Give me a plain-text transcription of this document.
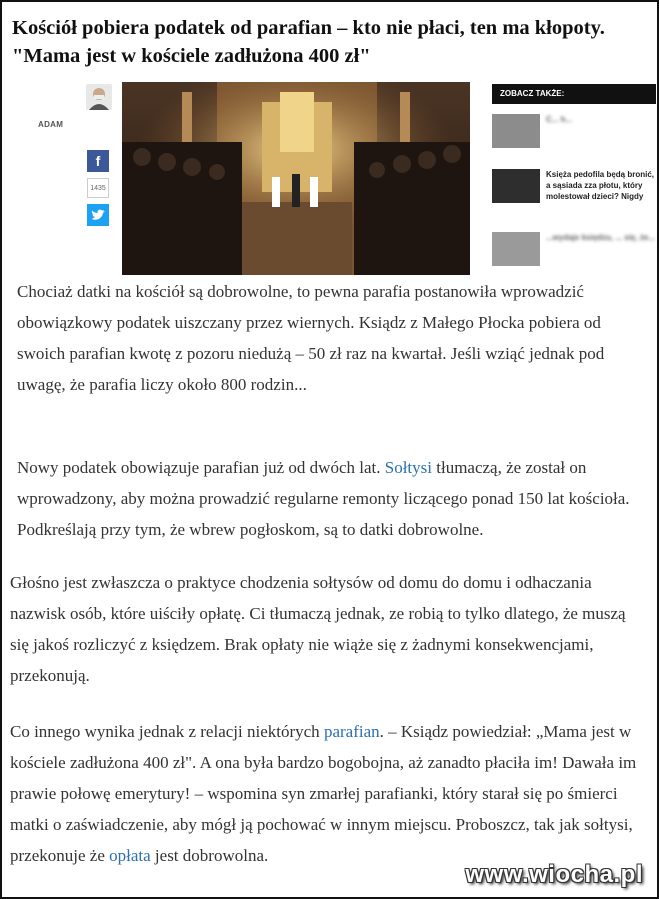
Kościół pobiera podatek od parafian – kto nie płaci, ten ma kłopoty. "Mama jest w kościele zadłużona 400 zł"
ADAM
f
1435
ZOBACZ TAKŻE:
C... h...
Księża pedofila będą bronić, a sąsiada zza płotu, który molestował dzieci? Nigdy
...wydaje księdzu, ... się, że...

Chociaż datki na kościół są dobrowolne, to pewna parafia postanowiła wprowadzić obowiązkowy podatek uiszczany przez wiernych. Ksiądz z Małego Płocka pobiera od swoich parafian kwotę z pozoru niedużą – 50 zł raz na kwartał. Jeśli wziąć jednak pod uwagę, że parafia liczy około 800 rodzin...

Nowy podatek obowiązuje parafian już od dwóch lat. Sołtysi tłumaczą, że został on wprowadzony, aby można prowadzić regularne remonty liczącego ponad 150 lat kościoła. Podkreślają przy tym, że wbrew pogłoskom, są to datki dobrowolne.

Głośno jest zwłaszcza o praktyce chodzenia sołtysów od domu do domu i odhaczania nazwisk osób, które uiściły opłatę. Ci tłumaczą jednak, ze robią to tylko dlatego, że muszą się jakoś rozliczyć z księdzem. Brak opłaty nie wiąże się z żadnymi konsekwencjami, przekonują.

Co innego wynika jednak z relacji niektórych parafian. – Ksiądz powiedział: „Mama jest w kościele zadłużona 400 zł". A ona była bardzo bogobojna, aż zanadto płaciła im! Dawała im prawie połowę emerytury! – wspomina syn zmarłej parafianki, który starał się po śmierci matki o zaświadczenie, aby mógł ją pochować w innym miejscu. Proboszcz, tak jak sołtysi, przekonuje że opłata jest dobrowolna.

www.wiocha.pl
